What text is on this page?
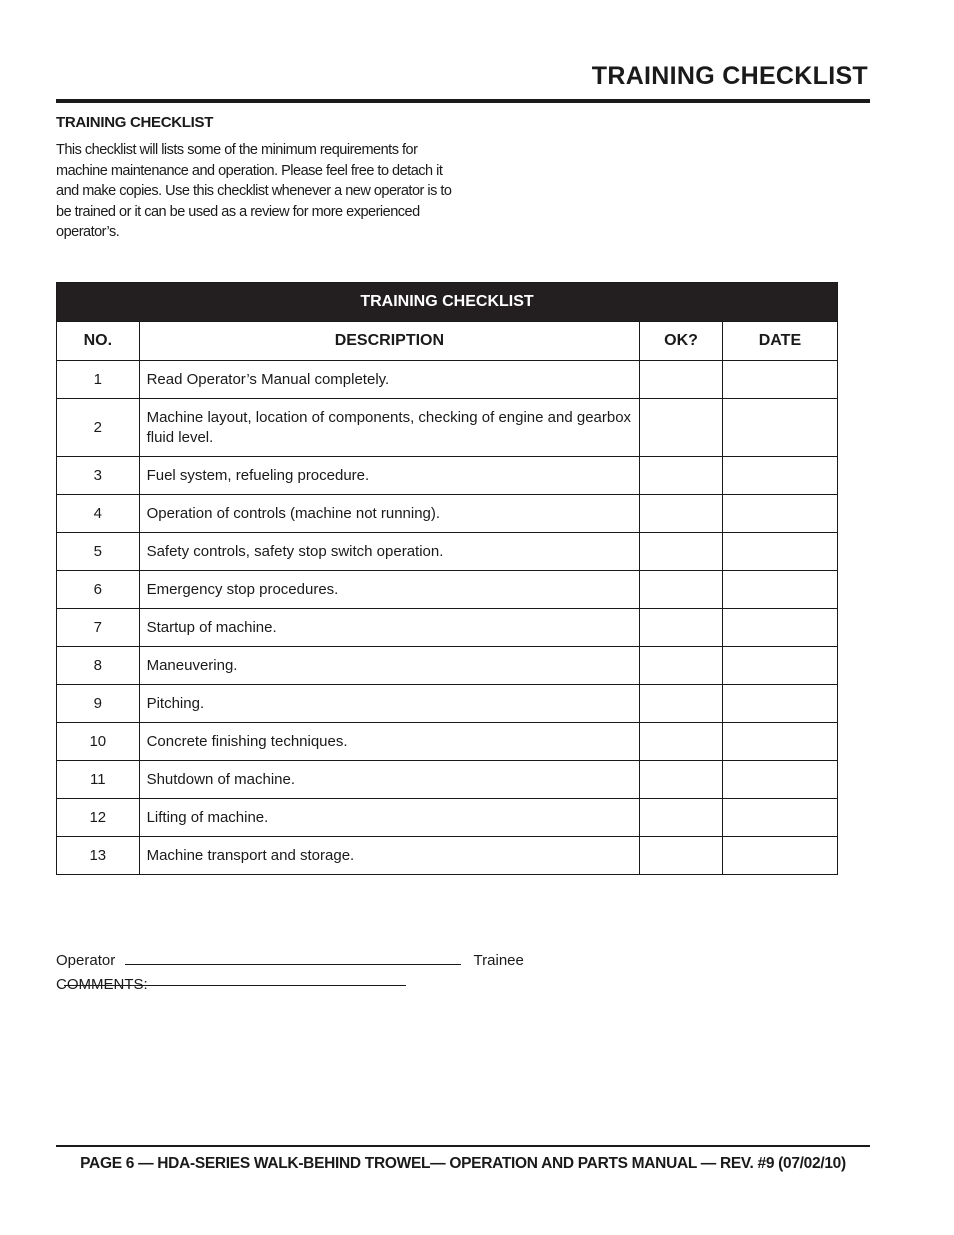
TRAINING CHECKLIST
TRAINING CHECKLIST
This checklist will lists some of the minimum requirements for machine maintenance and operation. Please feel free to detach it and make copies. Use this checklist whenever a new operator is to be trained or it can be used as a review for more experienced operator’s.
TRAINING CHECKLIST			
NO.	DESCRIPTION	OK?	DATE
1	Read Operator’s Manual completely.		

2	Machine layout, location of components, checking of engine and gearbox fluid level.		

3	Fuel system, refueling procedure.		

4	Operation of controls (machine not running).		

5	Safety controls, safety stop switch operation.		

6	Emergency stop procedures.		

7	Startup of machine.		

8	Maneuvering.		

9	Pitching.		

10	Concrete finishing techniques.		

11	Shutdown of machine.		

12	Lifting of machine.		

13	Machine transport and storage.		

Operator	Trainee
COMMENTS:
PAGE 6 — HDA-SERIES WALK-BEHIND TROWEL— OPERATION AND PARTS MANUAL — REV. #9 (07/02/10)
